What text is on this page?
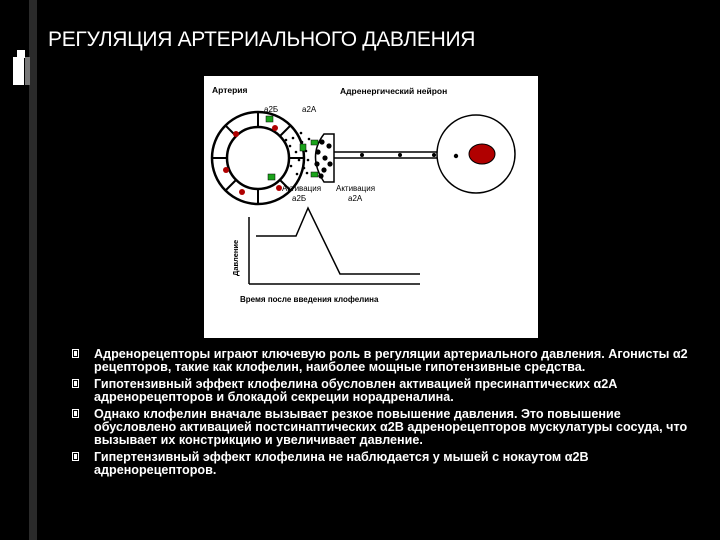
РЕГУЛЯЦИЯ АРТЕРИАЛЬНОГО ДАВЛЕНИЯ
Артерия	Адренергический нейрон
а2Б	а2А
Активация
а2Б
Активация
а2А
Давление
Время после введения клофелина
Адренорецепторы играют ключевую роль в регуляции артериального давления. Агонисты α2 рецепторов, такие как клофелин, наиболее мощные гипотензивные средства.
Гипотензивный эффект клофелина обусловлен активацией пресинаптических α2A адренорецепторов и блокадой секреции норадреналина.
Однако клофелин вначале вызывает резкое повышение давления. Это повышение обусловлено активацией постсинаптических α2B адренорецепторов мускулатуры сосуда, что вызывает их констрикцию и увеличивает давление.
Гипертензивный эффект клофелина не наблюдается у мышей с нокаутом α2B адренорецепторов.
